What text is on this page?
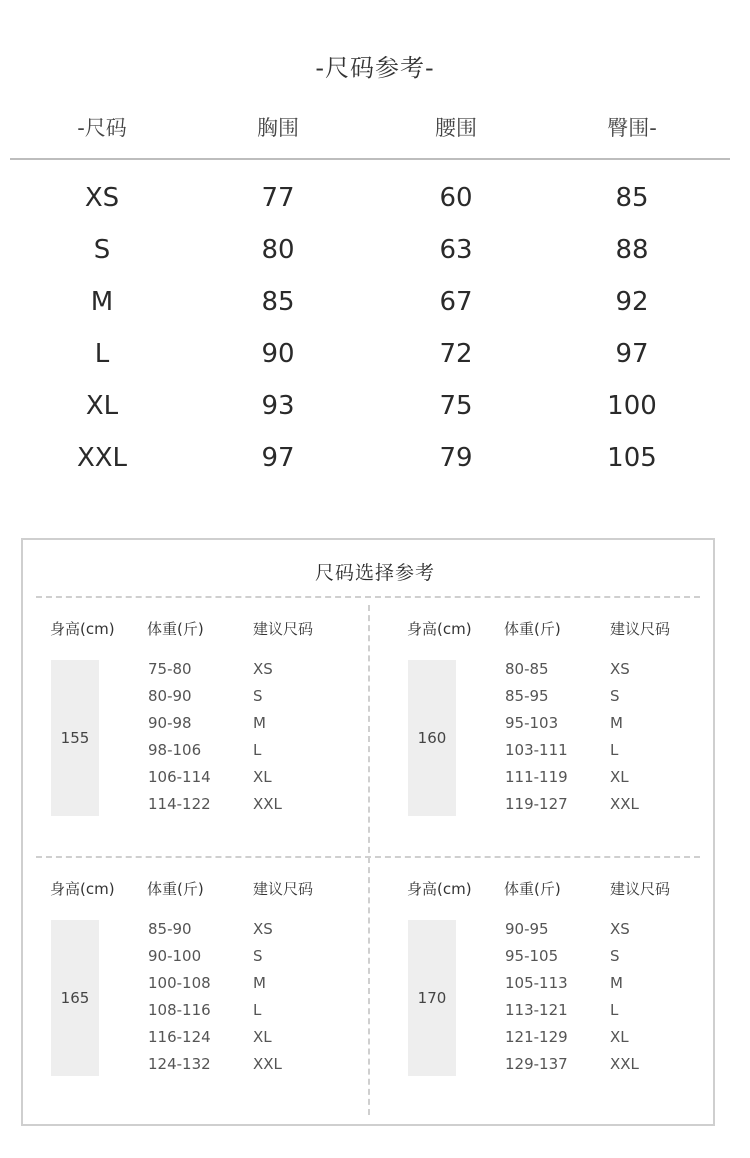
-尺码参考-
-尺码	胸围	腰围	臀围-
XS	77	60	85
S	80	63	88
M	85	67	92
L	90	72	97
XL	93	75	100
XXL	97	79	105
尺码选择参考
身高(cm) 体重(斤)	建议尺码
155
75-80	XS
80-90	S
90-98	M
98-106	L
106-114	XL
114-122	XXL
身高(cm) 体重(斤)	建议尺码
160
80-85	XS
85-95	S
95-103	M
103-111	L
111-119	XL
119-127	XXL
身高(cm) 体重(斤)	建议尺码
165
85-90	XS
90-100	S
100-108	M
108-116	L
116-124	XL
124-132	XXL
身高(cm) 体重(斤)	建议尺码
170
90-95	XS
95-105	S
105-113	M
113-121	L
121-129	XL
129-137	XXL
